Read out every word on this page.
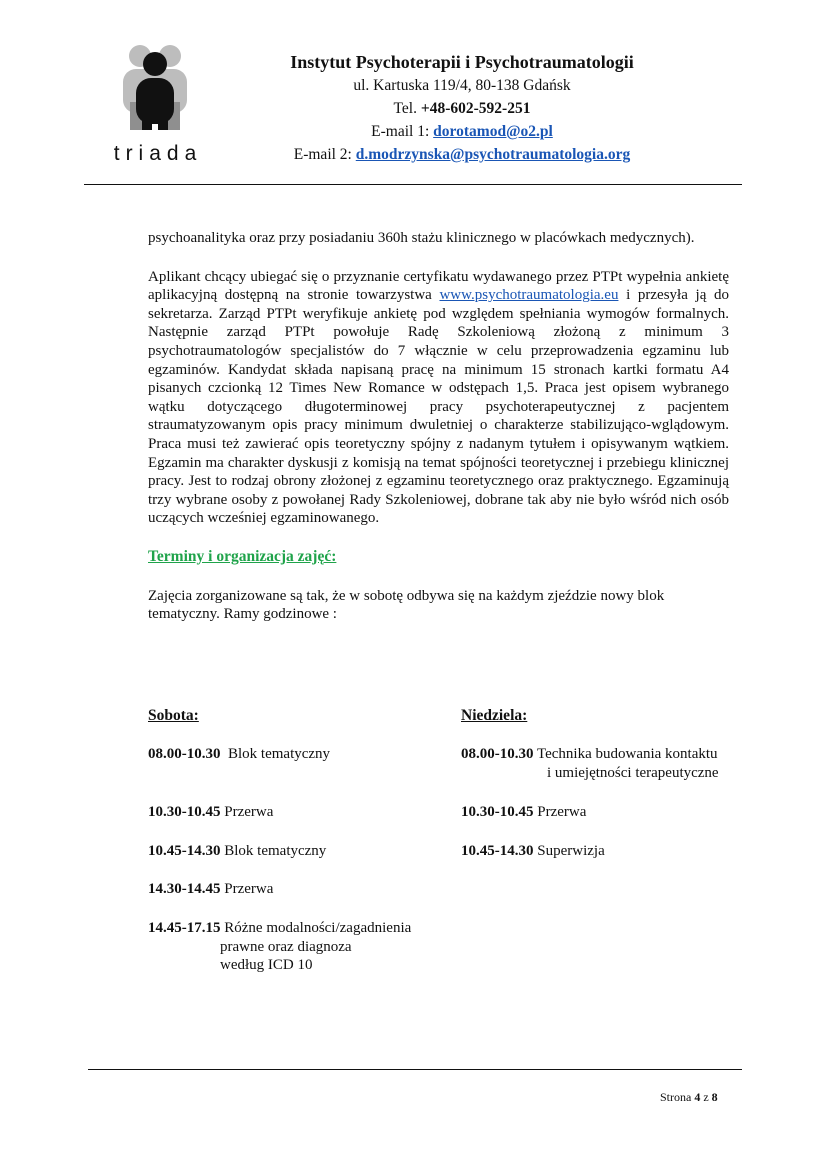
triada
Instytut Psychoterapii i Psychotraumatologii
ul. Kartuska 119/4, 80-138 Gdańsk
Tel. +48-602-592-251
E-mail 1: dorotamod@o2.pl
E-mail 2: d.modrzynska@psychotraumatologia.org

psychoanalityka oraz przy posiadaniu 360h stażu klinicznego w placówkach medycznych).

Aplikant chcący ubiegać się o przyznanie certyfikatu wydawanego przez PTPt wypełnia ankietę aplikacyjną dostępną na stronie towarzystwa www.psychotraumatologia.eu i przesyła ją do sekretarza. Zarząd PTPt weryfikuje ankietę pod względem spełniania wymogów formalnych. Następnie zarząd PTPt powołuje Radę Szkoleniową złożoną z minimum 3 psychotraumatologów specjalistów do 7 włącznie w celu przeprowadzenia egzaminu lub egzaminów. Kandydat składa napisaną pracę na minimum 15 stronach kartki formatu A4 pisanych czcionką 12 Times New Romance w odstępach 1,5. Praca jest opisem wybranego wątku dotyczącego długoterminowej pracy psychoterapeutycznej z pacjentem straumatyzowanym opis pracy minimum dwuletniej o charakterze stabilizująco-wglądowym. Praca musi też zawierać opis teoretyczny spójny z nadanym tytułem i opisywanym wątkiem. Egzamin ma charakter dyskusji z komisją na temat spójności teoretycznej i przebiegu klinicznej pracy. Jest to rodzaj obrony złożonej z egzaminu teoretycznego oraz praktycznego. Egzaminują trzy wybrane osoby z powołanej Rady Szkoleniowej, dobrane tak aby nie było wśród nich osób uczących wcześniej egzaminowanego.

Terminy i organizacja zajęć:

Zajęcia zorganizowane są tak, że w sobotę odbywa się na każdym zjeździe nowy blok tematyczny. Ramy godzinowe :

Sobota:	Niedziela:
08.00-10.30  Blok tematyczny
10.30-10.45 Przerwa
10.45-14.30 Blok tematyczny
14.30-14.45 Przerwa
14.45-17.15 Różne modalności/zagadnienia
prawne oraz diagnoza
według ICD 10
08.00-10.30 Technika budowania kontaktu
i umiejętności terapeutyczne
10.30-10.45 Przerwa
10.45-14.30 Superwizja
Strona 4 z 8
